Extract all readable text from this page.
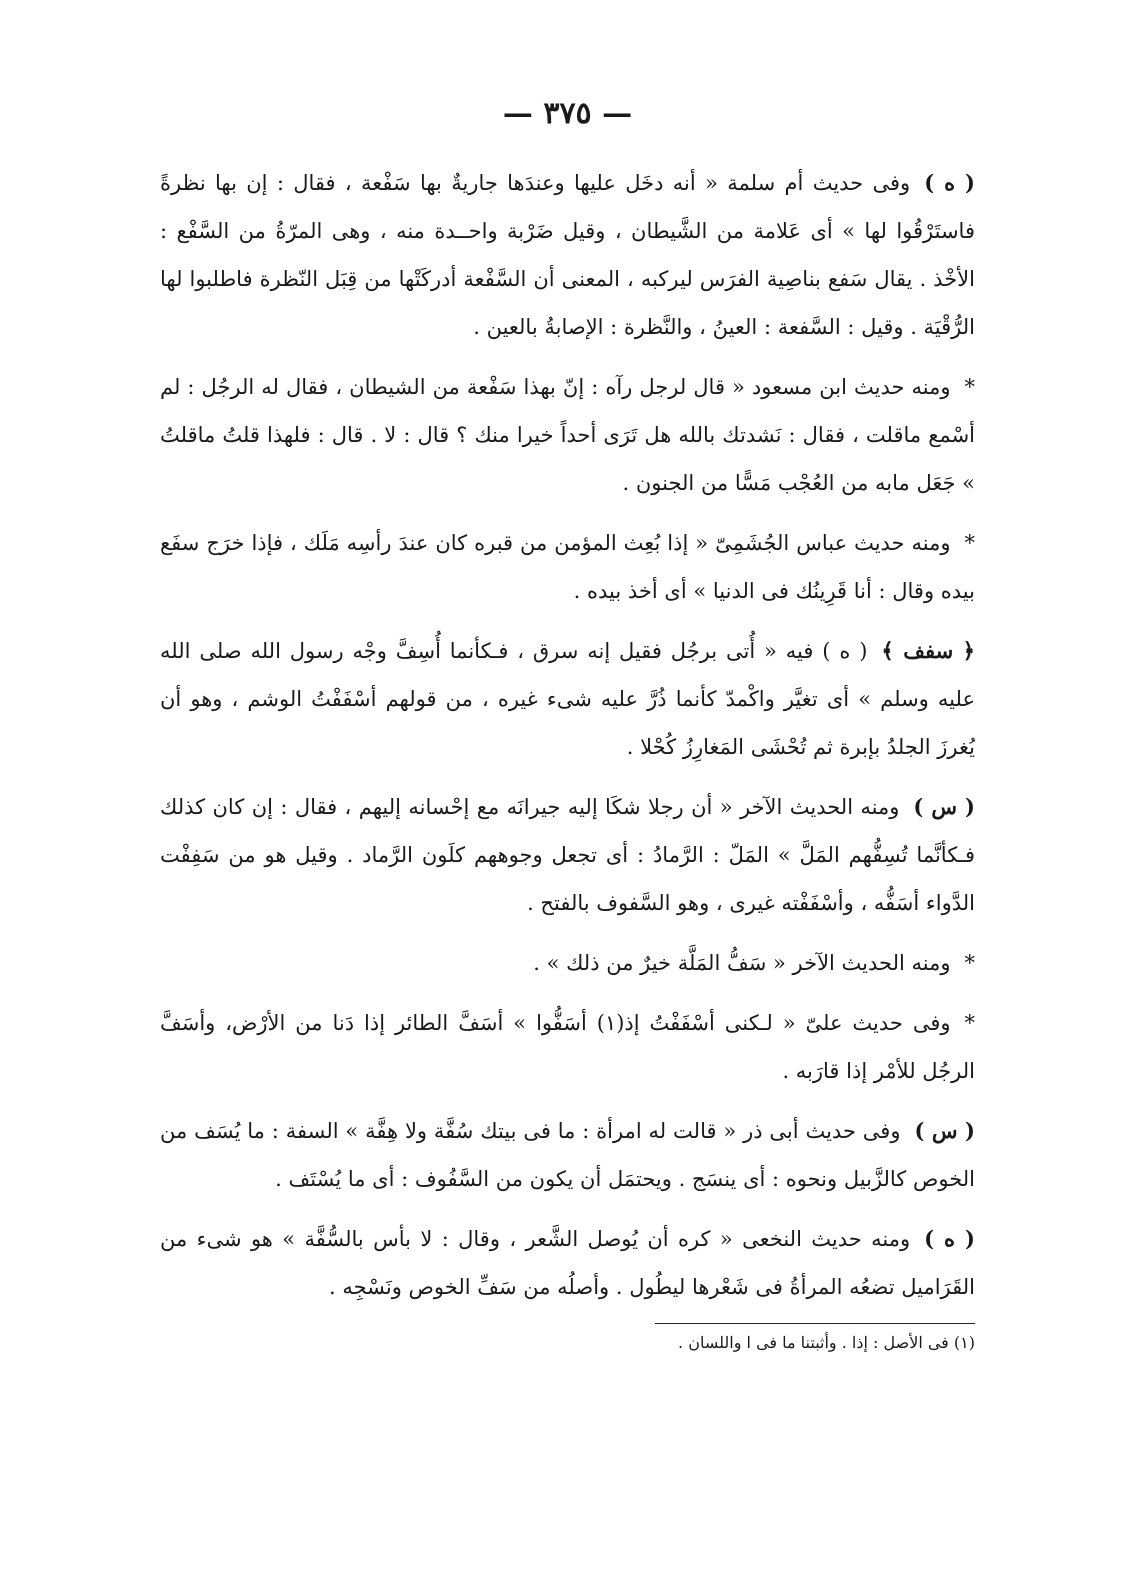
— ٣٧٥ —

( ه )وفى حديث أم سلمة « أنه دخَل عليها وعندَها جاريةٌ بها سَفْعة ، فقال : إن بها نظرةً فاستَرْقُوا لها » أى عَلامة من الشَّيطان ، وقيل ضَرْبة واحــدة منه ، وهى المرّةُ من السَّفْع : الأخْذ . يقال سَفع بناصِية الفرَس ليركبه ، المعنى أن السَّفْعة أدركَتْها من قِبَل النّظرة فاطلبوا لها الرُّقْيَة . وقيل : السَّفعة : العينُ ، والنَّظرة : الإصابةُ بالعين .

*ومنه حديث ابن مسعود « قال لرجل رآه : إنّ بهذا سَفْعة من الشيطان ، فقال له الرجُل : لم أسْمع ماقلت ، فقال : نَشدتك بالله هل تَرَى أحداً خيرا منك ؟ قال : لا . قال : فلهذا قلتُ ماقلتُ » جَعَل مابه من العُجْب مَسًّا من الجنون .

*ومنه حديث عباس الجُشَمِىّ « إذا بُعِث المؤمن من قبره كان عندَ رأسِه مَلَك ، فإذا خرَج سفَع بيده وقال : أنا قَرِينُك فى الدنيا » أى أخذ بيده .

﴿ سفف ﴾( ه ) فيه « أُتى برجُل فقيل إنه سرق ، فـكأنما أُسِفَّ وجْه رسول الله صلى الله عليه وسلم » أى تغيَّر واكْمدّ كأنما ذُرَّ عليه شىء غيره ، من قولهم أسْفَفْتُ الوشم ، وهو أن يُغرزَ الجلدُ بإبرة ثم تُحْشَى المَغارِزُ كُحْلا .

( س )ومنه الحديث الآخر « أن رجلا شكَا إليه جيرانَه مع إحْسانه إليهم ، فقال : إن كان كذلك فـكأنَّما تُسِفُّهم المَلَّ » المَلّ : الرَّمادُ : أى تجعل وجوههم كلَون الرَّماد . وقيل هو من سَفِفْت الدَّواء أسَفُّه ، وأسْفَفْته غيرى ، وهو السَّفوف بالفتح .

*ومنه الحديث الآخر « سَفُّ المَلَّة خيرٌ من ذلك » .

*وفى حديث علىّ « لـكنى أسْفَفْتُ إذ(١) أسَفُّوا » أسَفَّ الطائر إذا دَنا من الأرْض، وأسَفَّ الرجُل للأمْر إذا قارَبه .

( س )وفى حديث أبى ذر « قالت له امرأة : ما فى بيتك سُفَّة ولا هِفَّة » السفة : ما يُسَف من الخوص كالزَّبيل ونحوه : أى ينسَج . ويحتمَل أن يكون من السَّفُوف : أى ما يُسْتَف .

( ه )ومنه حديث النخعى « كره أن يُوصل الشَّعر ، وقال : لا بأس بالسُّفَّة » هو شىء من القَرَاميل تضعُه المرأةُ فى شَعْرها ليطُول . وأصلُه من سَفِّ الخوص ونَسْجِه .

(١) فى الأصل : إذا . وأثبتنا ما فى ا واللسان .
